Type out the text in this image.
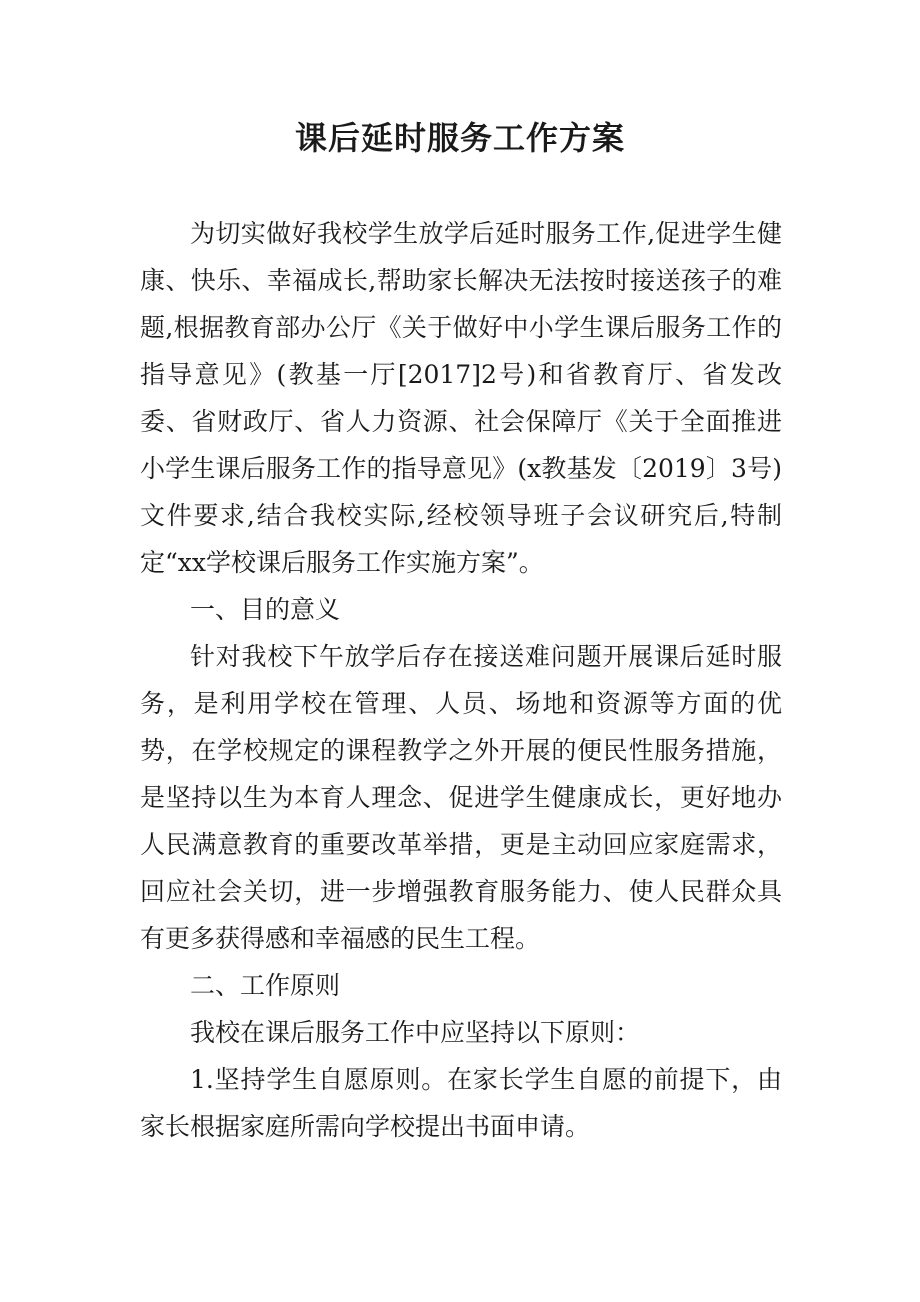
课后延时服务工作方案

为切实做好我校学生放学后延时服务工作,促进学生健康、快乐、幸福成长,帮助家长解决无法按时接送孩子的难题,根据教育部办公厅《关于做好中小学生课后服务工作的指导意见》(教基一厅[2017]2号)和省教育厅、省发改委、省财政厅、省人力资源、社会保障厅《关于全面推进小学生课后服务工作的指导意见》(x教基发〔2019〕3号)文件要求,结合我校实际,经校领导班子会议研究后,特制定“xx学校课后服务工作实施方案”。

一、目的意义

针对我校下午放学后存在接送难问题开展课后延时服务，是利用学校在管理、人员、场地和资源等方面的优势，在学校规定的课程教学之外开展的便民性服务措施，是坚持以生为本育人理念、促进学生健康成长，更好地办人民满意教育的重要改革举措，更是主动回应家庭需求，回应社会关切，进一步增强教育服务能力、使人民群众具有更多获得感和幸福感的民生工程。

二、工作原则

我校在课后服务工作中应坚持以下原则：

1.坚持学生自愿原则。在家长学生自愿的前提下，由家长根据家庭所需向学校提出书面申请。
